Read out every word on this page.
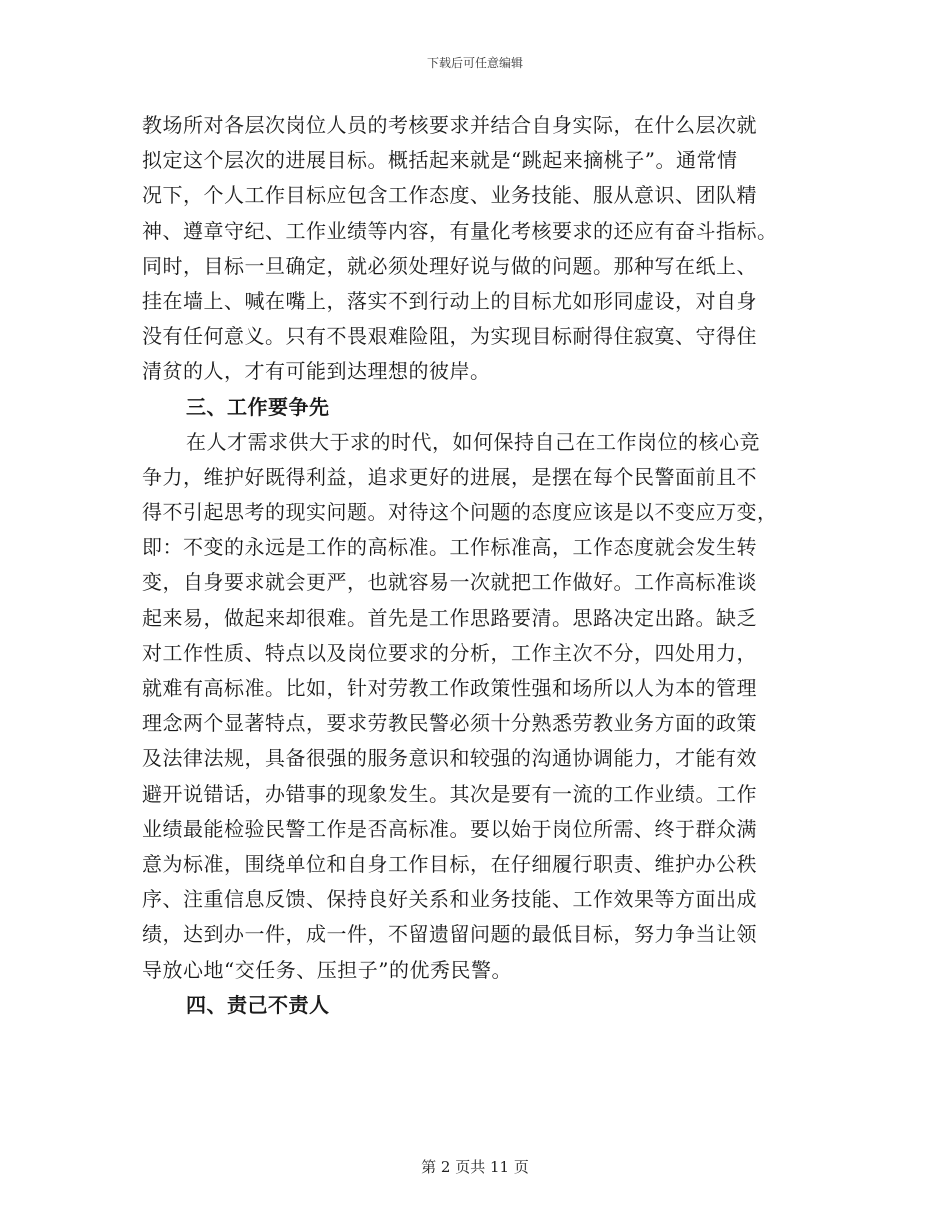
下载后可任意编辑
教场所对各层次岗位人员的考核要求并结合自身实际，在什么层次就
拟定这个层次的进展目标。概括起来就是“跳起来摘桃子”。通常情
况下，个人工作目标应包含工作态度、业务技能、服从意识、团队精
神、遵章守纪、工作业绩等内容，有量化考核要求的还应有奋斗指标。
同时，目标一旦确定，就必须处理好说与做的问题。那种写在纸上、
挂在墙上、喊在嘴上，落实不到行动上的目标尤如形同虚设，对自身
没有任何意义。只有不畏艰难险阻，为实现目标耐得住寂寞、守得住
清贫的人，才有可能到达理想的彼岸。
三、工作要争先
在人才需求供大于求的时代，如何保持自己在工作岗位的核心竞
争力，维护好既得利益，追求更好的进展，是摆在每个民警面前且不
得不引起思考的现实问题。对待这个问题的态度应该是以不变应万变，
即：不变的永远是工作的高标准。工作标准高，工作态度就会发生转
变，自身要求就会更严，也就容易一次就把工作做好。工作高标准谈
起来易，做起来却很难。首先是工作思路要清。思路决定出路。缺乏
对工作性质、特点以及岗位要求的分析，工作主次不分，四处用力，
就难有高标准。比如，针对劳教工作政策性强和场所以人为本的管理
理念两个显著特点，要求劳教民警必须十分熟悉劳教业务方面的政策
及法律法规，具备很强的服务意识和较强的沟通协调能力，才能有效
避开说错话，办错事的现象发生。其次是要有一流的工作业绩。工作
业绩最能检验民警工作是否高标准。要以始于岗位所需、终于群众满
意为标准，围绕单位和自身工作目标，在仔细履行职责、维护办公秩
序、注重信息反馈、保持良好关系和业务技能、工作效果等方面出成
绩，达到办一件，成一件，不留遗留问题的最低目标，努力争当让领
导放心地“交任务、压担子”的优秀民警。
四、责己不责人
第 2 页共 11 页
